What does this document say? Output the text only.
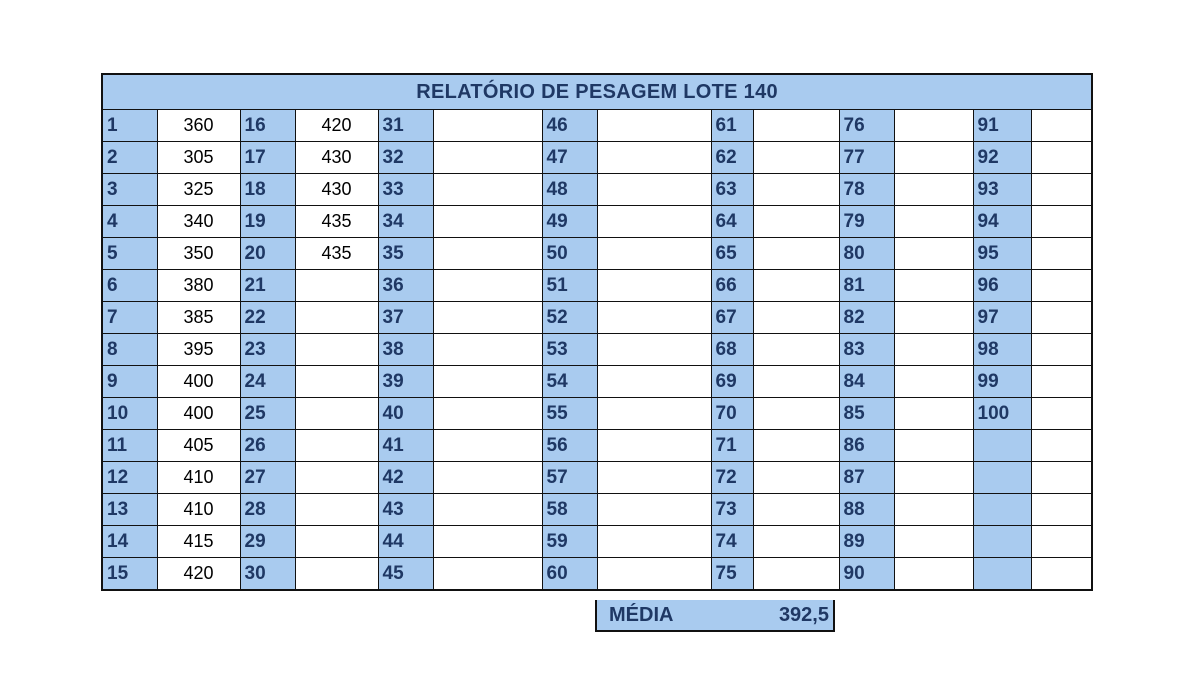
RELATÓRIO DE PESAGEM LOTE 140													
1	360	16	420	31		46		61		76		91	
2	305	17	430	32		47		62		77		92	
3	325	18	430	33		48		63		78		93	
4	340	19	435	34		49		64		79		94	
5	350	20	435	35		50		65		80		95	
6	380	21		36		51		66		81		96	
7	385	22		37		52		67		82		97	
8	395	23		38		53		68		83		98	
9	400	24		39		54		69		84		99	
10	400	25		40		55		70		85		100	
11	405	26		41		56		71		86			
12	410	27		42		57		72		87			
13	410	28		43		58		73		88			
14	415	29		44		59		74		89			
15	420	30		45		60		75		90			
MÉDIA	392,5
